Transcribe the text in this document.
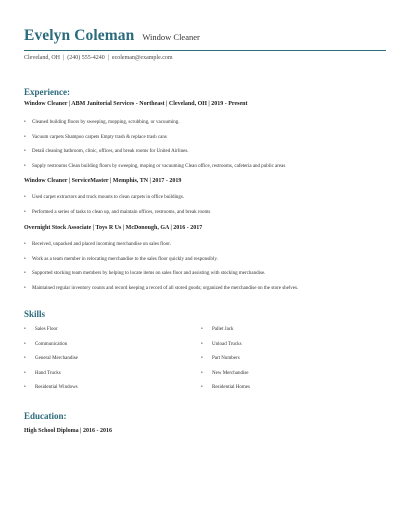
Evelyn Coleman Window Cleaner
Cleveland, OH | (240) 555-4240 | ecoleman@example.com
Experience:
Window Cleaner | ABM Janitorial Services - Northeast | Cleveland, OH | 2019 - Present
• Cleaned building floors by sweeping, mopping, scrubbing, or vacuuming.
• Vacuum carpets Shampoo carpets Empty trash & replace trash cans
• Detail cleaning bathroom, clinic, offices, and break rooms for United Airlines.
• Supply restrooms Clean building floors by sweeping, moping or vacuuming Clean office, restrooms, cafeteria and public areas
Window Cleaner | ServiceMaster | Memphis, TN | 2017 - 2019
• Used carpet extractors and truck mounts to clean carpets in office buildings.
• Performed a series of tasks to clean up, and maintain offices, restrooms, and break rooms
Overnight Stock Associate | Toys R Us | McDonough, GA | 2016 - 2017
• Received, unpacked and placed incoming merchandise on sales floor.
• Work as a team member in relocating merchandise to the sales floor quickly and responsibly.
• Supported stocking team members by helping to locate items on sales floor and assisting with stocking merchandise.
• Maintained regular inventory counts and record keeping a record of all stored goods; organized the merchandise on the store shelves.
Skills
• Sales Floor
• Communication
• General Merchandise
• Hand Trucks
• Residential Windows
• Pallet Jack
• Unload Trucks
• Part Numbers
• New Merchandise
• Residential Homes
Education:
High School Diploma | 2016 - 2016
